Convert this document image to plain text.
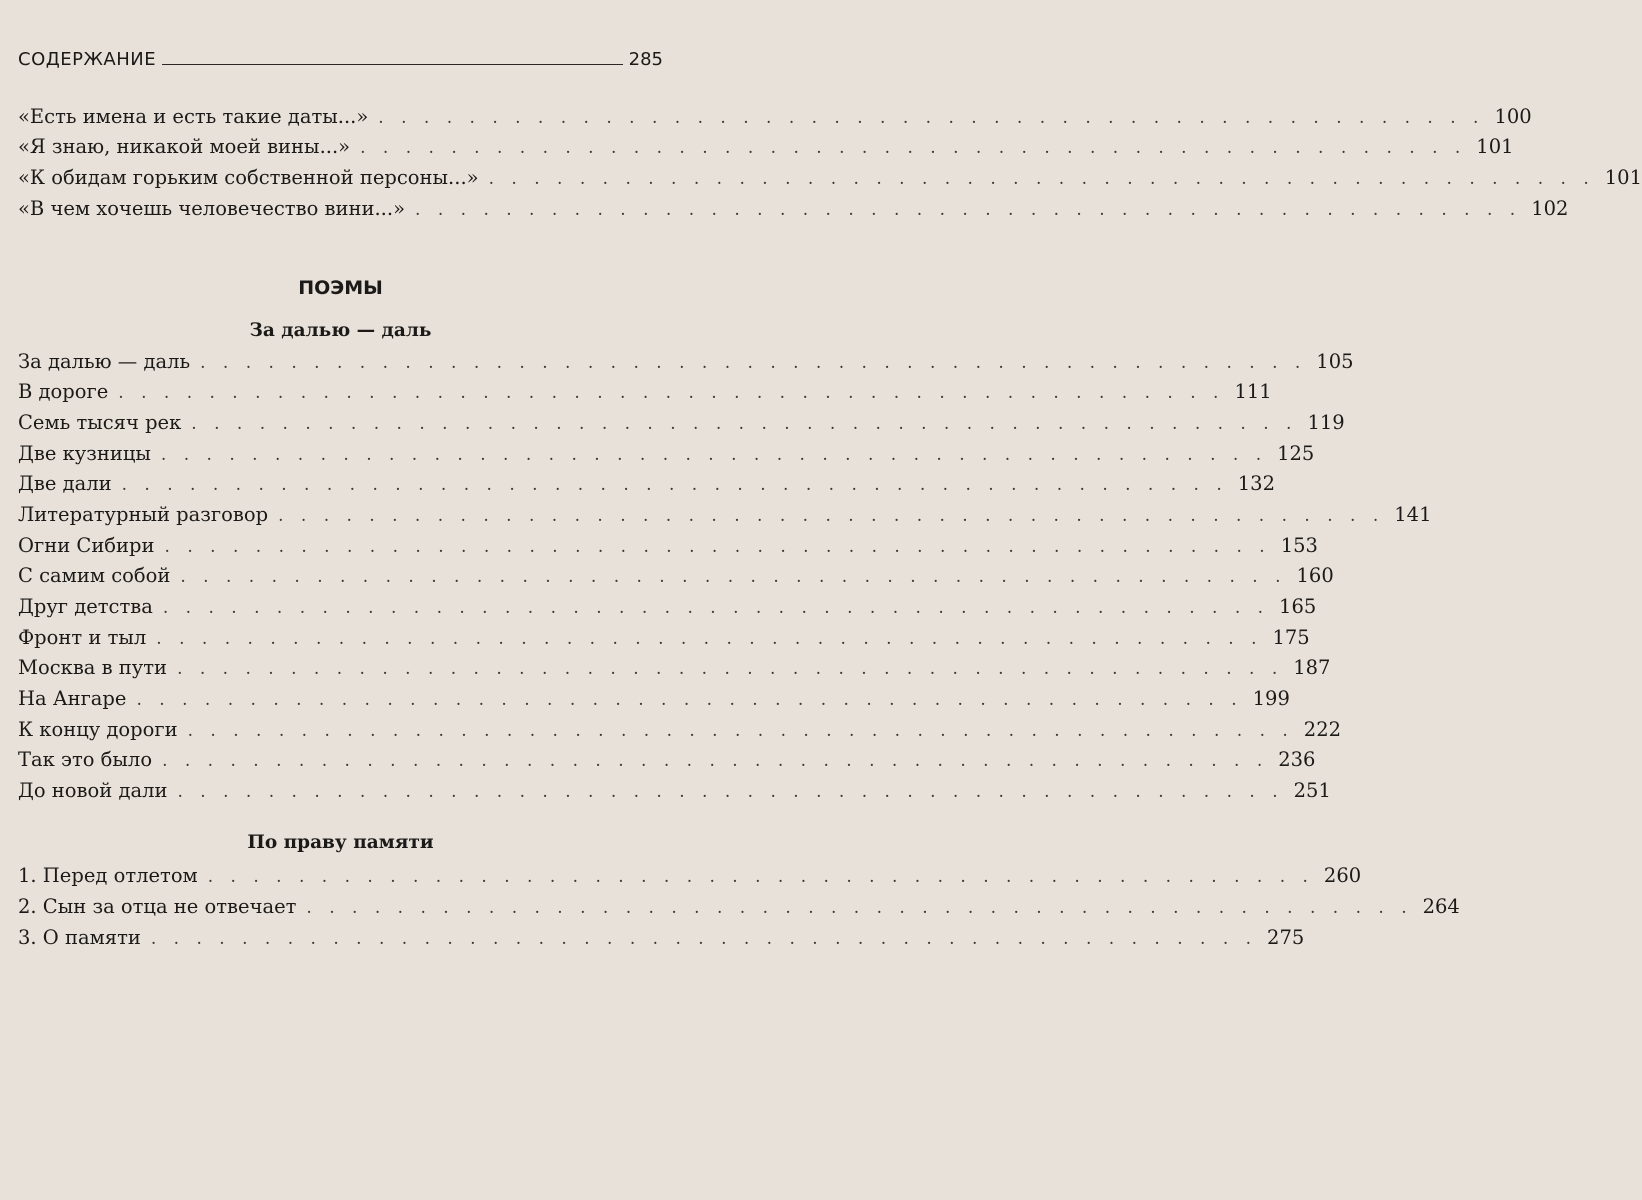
СОДЕРЖАНИЕ	285
«Есть имена и есть такие даты...» . . . . . . . . . . . . . . . . . . . . . . . . . . . . . . . . . . . . . . . . . . . . . . . . . 100
«Я знаю, никакой моей вины...» . . . . . . . . . . . . . . . . . . . . . . . . . . . . . . . . . . . . . . . . . . . . . . . . . 101
«К обидам горьким собственной персоны...» . . . . . . . . . . . . . . . . . . . . . . . . . . . . . . . . . . . . . . . . . . . . . . . . . 101
«В чем хочешь человечество вини...» . . . . . . . . . . . . . . . . . . . . . . . . . . . . . . . . . . . . . . . . . . . . . . . . . 102
ПОЭМЫ
За далью — даль
За далью — даль . . . . . . . . . . . . . . . . . . . . . . . . . . . . . . . . . . . . . . . . . . . . . . . . . 105
В дороге . . . . . . . . . . . . . . . . . . . . . . . . . . . . . . . . . . . . . . . . . . . . . . . . . 111
Семь тысяч рек . . . . . . . . . . . . . . . . . . . . . . . . . . . . . . . . . . . . . . . . . . . . . . . . . 119
Две кузницы . . . . . . . . . . . . . . . . . . . . . . . . . . . . . . . . . . . . . . . . . . . . . . . . . 125
Две дали . . . . . . . . . . . . . . . . . . . . . . . . . . . . . . . . . . . . . . . . . . . . . . . . . 132
Литературный разговор . . . . . . . . . . . . . . . . . . . . . . . . . . . . . . . . . . . . . . . . . . . . . . . . . 141
Огни Сибири . . . . . . . . . . . . . . . . . . . . . . . . . . . . . . . . . . . . . . . . . . . . . . . . . 153
С самим собой . . . . . . . . . . . . . . . . . . . . . . . . . . . . . . . . . . . . . . . . . . . . . . . . . 160
Друг детства . . . . . . . . . . . . . . . . . . . . . . . . . . . . . . . . . . . . . . . . . . . . . . . . . 165
Фронт и тыл . . . . . . . . . . . . . . . . . . . . . . . . . . . . . . . . . . . . . . . . . . . . . . . . . 175
Москва в пути . . . . . . . . . . . . . . . . . . . . . . . . . . . . . . . . . . . . . . . . . . . . . . . . . 187
На Ангаре . . . . . . . . . . . . . . . . . . . . . . . . . . . . . . . . . . . . . . . . . . . . . . . . . 199
К концу дороги . . . . . . . . . . . . . . . . . . . . . . . . . . . . . . . . . . . . . . . . . . . . . . . . . 222
Так это было . . . . . . . . . . . . . . . . . . . . . . . . . . . . . . . . . . . . . . . . . . . . . . . . . 236
До новой дали . . . . . . . . . . . . . . . . . . . . . . . . . . . . . . . . . . . . . . . . . . . . . . . . . 251
По праву памяти
1. Перед отлетом . . . . . . . . . . . . . . . . . . . . . . . . . . . . . . . . . . . . . . . . . . . . . . . . . 260
2. Сын за отца не отвечает . . . . . . . . . . . . . . . . . . . . . . . . . . . . . . . . . . . . . . . . . . . . . . . . . 264
3. О памяти . . . . . . . . . . . . . . . . . . . . . . . . . . . . . . . . . . . . . . . . . . . . . . . . . 275
